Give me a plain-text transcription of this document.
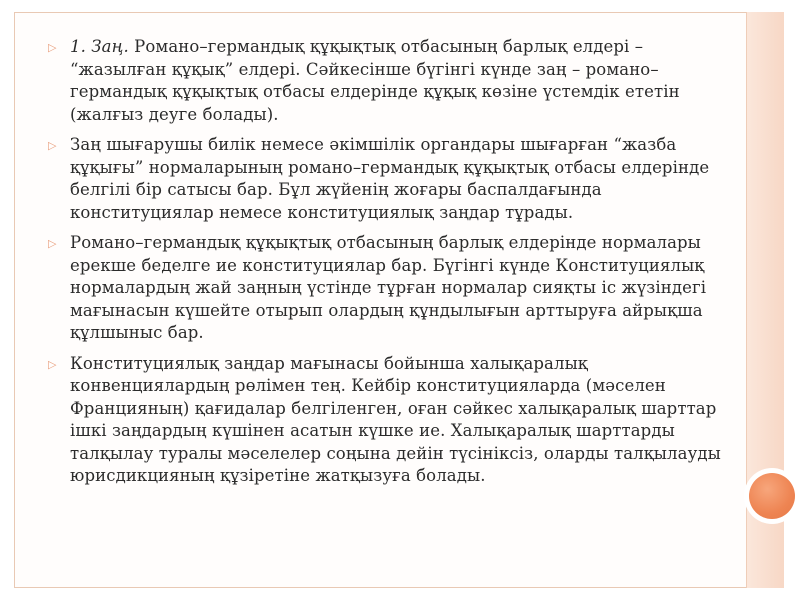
▷ 1. Заң. Романо–германдық құқықтық отбасының барлық елдері – “жазылған құқық” елдері. Сәйкесінше бүгінгі күнде заң – романо–германдық құқықтық отбасы елдерінде құқық көзіне үстемдік ететін (жалғыз деуге болады).
▷ Заң шығарушы билік немесе әкімшілік органдары шығарған “жазба құқығы” нормаларының романо–германдық құқықтық отбасы елдерінде белгілі бір сатысы бар. Бұл жүйенің жоғары баспалдағында конституциялар немесе конституциялық заңдар тұрады.
▷ Романо–германдық құқықтық отбасының барлық елдерінде нормалары ерекше беделге ие конституциялар бар. Бүгінгі күнде Конституциялық нормалардың жай заңның үстінде тұрған нормалар сияқты іс жүзіндегі мағынасын күшейте отырып олардың құндылығын арттыруға айрықша құлшыныс бар.
▷ Конституциялық заңдар мағынасы бойынша халықаралық конвенциялардың рөлімен тең. Кейбір конституцияларда (мәселен Францияның) қағидалар белгіленген, оған сәйкес халықаралық шарттар ішкі заңдардың күшінен асатын күшке ие. Халықаралық шарттарды талқылау туралы мәселелер соңына дейін түсініксіз, оларды талқылауды юрисдикцияның құзіретіне жатқызуға болады.
